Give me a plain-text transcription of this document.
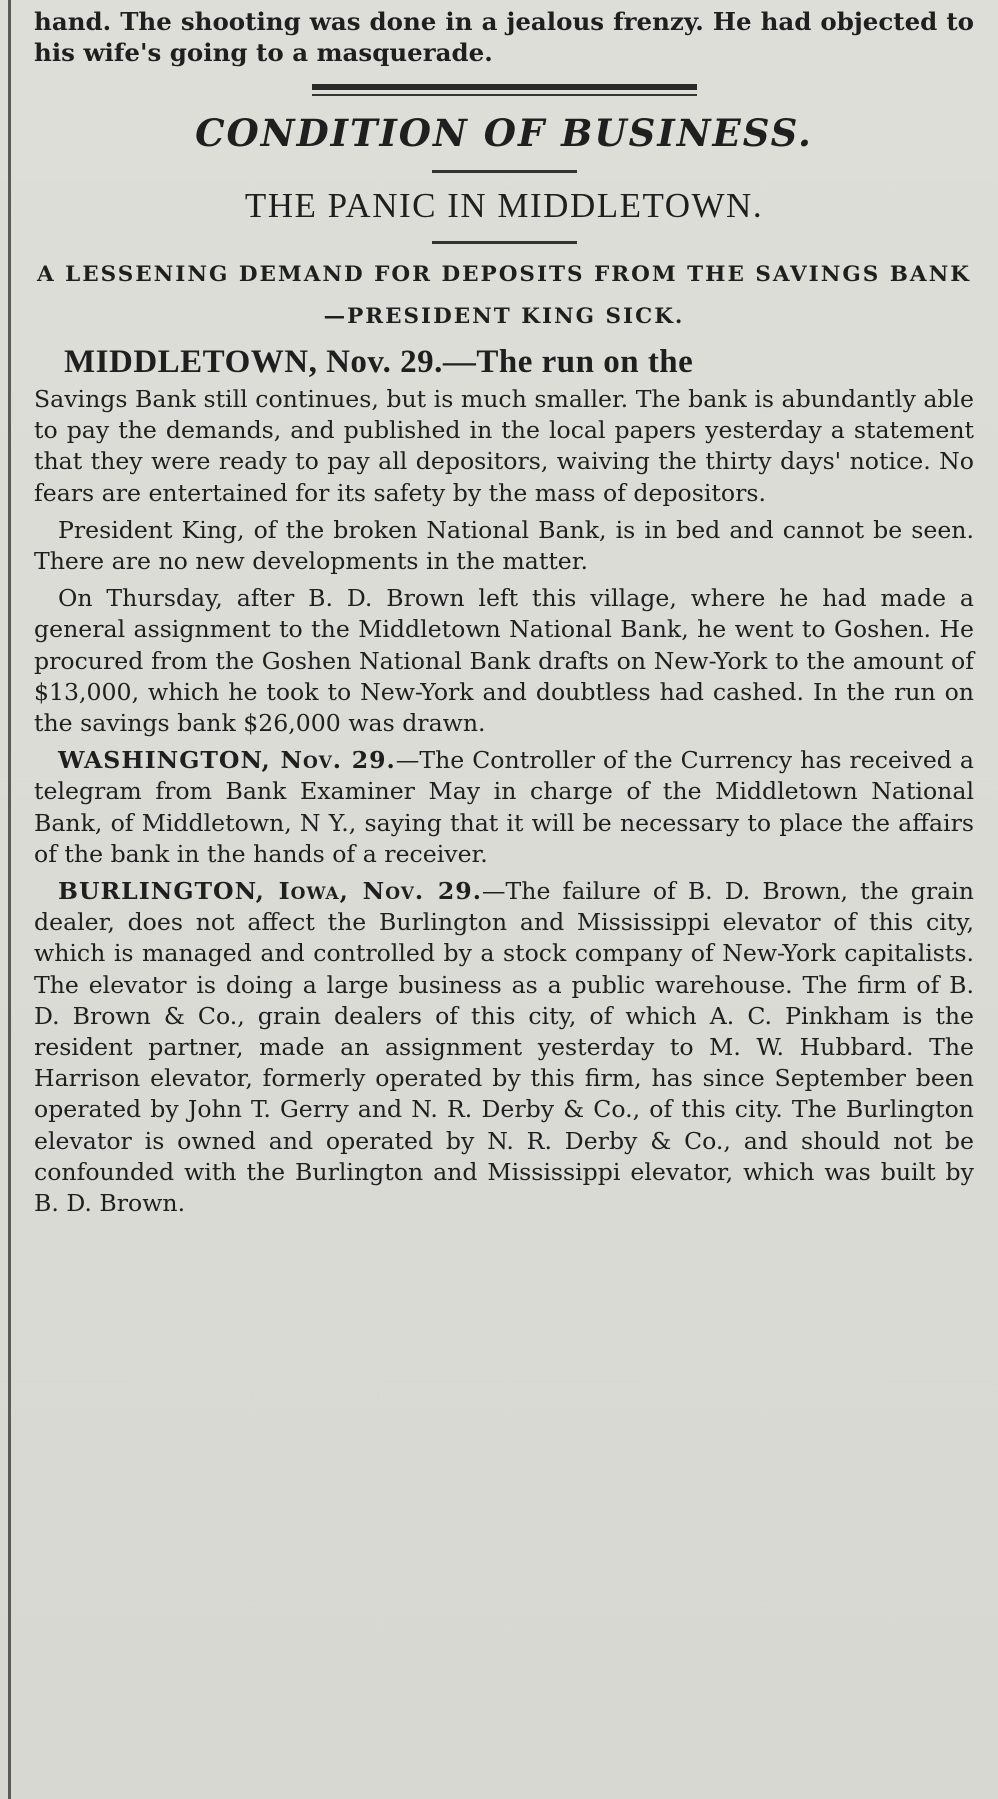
hand. The shooting was done in a jealous frenzy. He had objected to his wife's going to a masquerade.

CONDITION OF BUSINESS.
THE PANIC IN MIDDLETOWN.
A LESSENING DEMAND FOR DEPOSITS FROM THE SAVINGS BANK—PRESIDENT KING SICK.

MIDDLETOWN, Nov. 29.—The run on the

Savings Bank still continues, but is much smaller. The bank is abundantly able to pay the demands, and published in the local papers yesterday a statement that they were ready to pay all depositors, waiving the thirty days' notice. No fears are entertained for its safety by the mass of depositors.

President King, of the broken National Bank, is in bed and cannot be seen. There are no new developments in the matter.

On Thursday, after B. D. Brown left this village, where he had made a general assignment to the Middletown National Bank, he went to Goshen. He procured from the Goshen National Bank drafts on New-York to the amount of $13,000, which he took to New-York and doubtless had cashed. In the run on the savings bank $26,000 was drawn.

WASHINGTON, Nov. 29.—The Controller of the Currency has received a telegram from Bank Examiner May in charge of the Middletown National Bank, of Middletown, N Y., saying that it will be necessary to place the affairs of the bank in the hands of a receiver.

BURLINGTON, Iowa, Nov. 29.—The failure of B. D. Brown, the grain dealer, does not affect the Burlington and Mississippi elevator of this city, which is managed and controlled by a stock company of New-York capitalists. The elevator is doing a large business as a public warehouse. The firm of B. D. Brown & Co., grain dealers of this city, of which A. C. Pinkham is the resident partner, made an assignment yesterday to M. W. Hubbard. The Harrison elevator, formerly operated by this firm, has since September been operated by John T. Gerry and N. R. Derby & Co., of this city. The Burlington elevator is owned and operated by N. R. Derby & Co., and should not be confounded with the Burlington and Mississippi elevator, which was built by B. D. Brown.
